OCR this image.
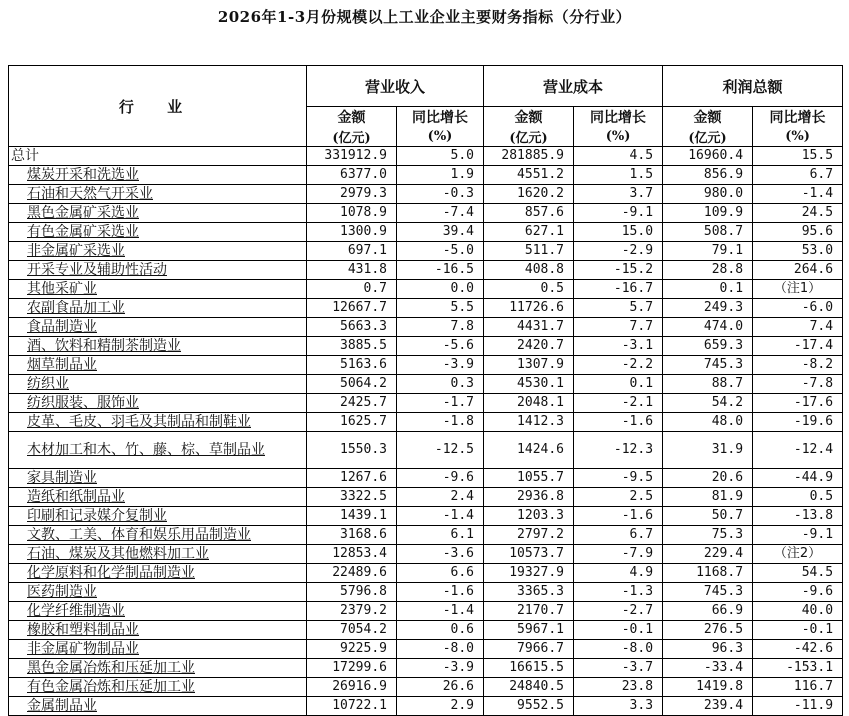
2026年1-3月份规模以上工业企业主要财务指标（分行业）
行 业	营业收入		营业成本		利润总额	
	金额	同比增长	金额	同比增长	金额	同比增长
	(亿元)	(%)	(亿元)	(%)	(亿元)	(%)
总计	331912.9	5.0	281885.9	4.5	16960.4	15.5
煤炭开采和洗选业	6377.0	1.9	4551.2	1.5	856.9	6.7
石油和天然气开采业	2979.3	-0.3	1620.2	3.7	980.0	-1.4
黑色金属矿采选业	1078.9	-7.4	857.6	-9.1	109.9	24.5
有色金属矿采选业	1300.9	39.4	627.1	15.0	508.7	95.6
非金属矿采选业	697.1	-5.0	511.7	-2.9	79.1	53.0
开采专业及辅助性活动	431.8	-16.5	408.8	-15.2	28.8	264.6
其他采矿业	0.7	0.0	0.5	-16.7	0.1	（注1）
农副食品加工业	12667.7	5.5	11726.6	5.7	249.3	-6.0
食品制造业	5663.3	7.8	4431.7	7.7	474.0	7.4
酒、饮料和精制茶制造业	3885.5	-5.6	2420.7	-3.1	659.3	-17.4
烟草制品业	5163.6	-3.9	1307.9	-2.2	745.3	-8.2
纺织业	5064.2	0.3	4530.1	0.1	88.7	-7.8
纺织服装、服饰业	2425.7	-1.7	2048.1	-2.1	54.2	-17.6
皮革、毛皮、羽毛及其制品和制鞋业	1625.7	-1.8	1412.3	-1.6	48.0	-19.6
木材加工和木、竹、藤、棕、草制品业	1550.3	-12.5	1424.6	-12.3	31.9	-12.4
家具制造业	1267.6	-9.6	1055.7	-9.5	20.6	-44.9
造纸和纸制品业	3322.5	2.4	2936.8	2.5	81.9	0.5
印刷和记录媒介复制业	1439.1	-1.4	1203.3	-1.6	50.7	-13.8
文教、工美、体育和娱乐用品制造业	3168.6	6.1	2797.2	6.7	75.3	-9.1
石油、煤炭及其他燃料加工业	12853.4	-3.6	10573.7	-7.9	229.4	（注2）
化学原料和化学制品制造业	22489.6	6.6	19327.9	4.9	1168.7	54.5
医药制造业	5796.8	-1.6	3365.3	-1.3	745.3	-9.6
化学纤维制造业	2379.2	-1.4	2170.7	-2.7	66.9	40.0
橡胶和塑料制品业	7054.2	0.6	5967.1	-0.1	276.5	-0.1
非金属矿物制品业	9225.9	-8.0	7966.7	-8.0	96.3	-42.6
黑色金属冶炼和压延加工业	17299.6	-3.9	16615.5	-3.7	-33.4	-153.1
有色金属冶炼和压延加工业	26916.9	26.6	24840.5	23.8	1419.8	116.7
金属制品业	10722.1	2.9	9552.5	3.3	239.4	-11.9
